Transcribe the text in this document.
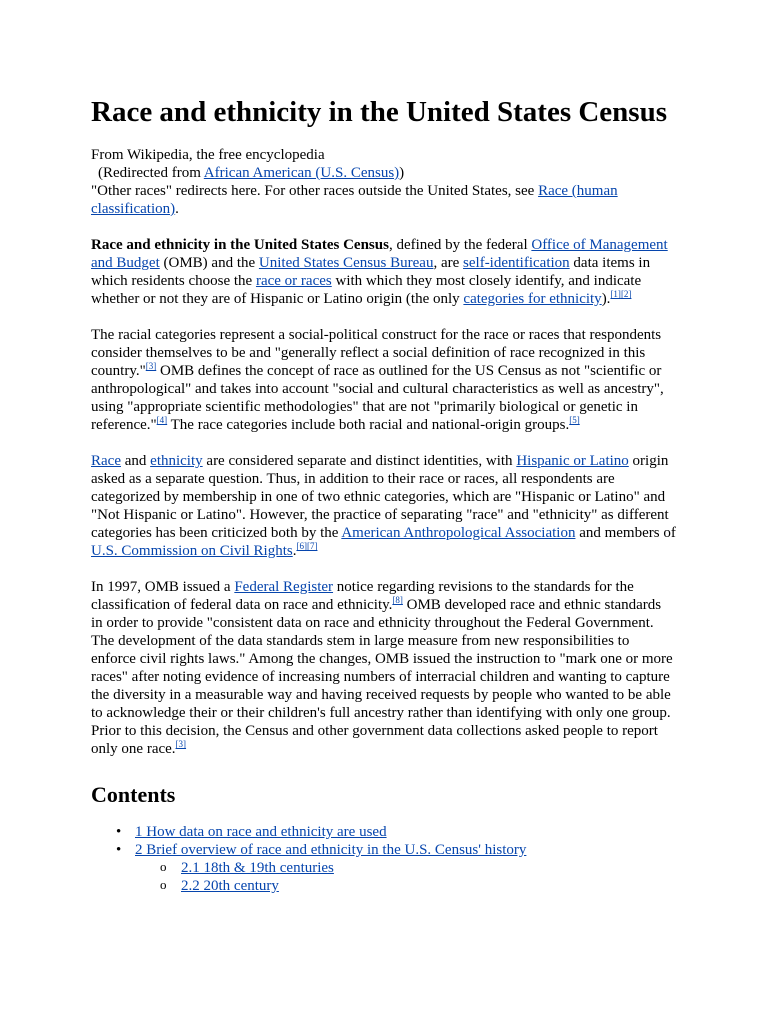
Race and ethnicity in the United States Census
From Wikipedia, the free encyclopedia
(Redirected from African American (U.S. Census))
"Other races" redirects here. For other races outside the United States, see Race (human classification).

Race and ethnicity in the United States Census, defined by the federal Office of Management and Budget (OMB) and the United States Census Bureau, are self-identification data items in which residents choose the race or races with which they most closely identify, and indicate whether or not they are of Hispanic or Latino origin (the only categories for ethnicity).[1][2]

The racial categories represent a social-political construct for the race or races that respondents consider themselves to be and "generally reflect a social definition of race recognized in this country."[3] OMB defines the concept of race as outlined for the US Census as not "scientific or anthropological" and takes into account "social and cultural characteristics as well as ancestry", using "appropriate scientific methodologies" that are not "primarily biological or genetic in reference."[4] The race categories include both racial and national-origin groups.[5]

Race and ethnicity are considered separate and distinct identities, with Hispanic or Latino origin asked as a separate question. Thus, in addition to their race or races, all respondents are categorized by membership in one of two ethnic categories, which are "Hispanic or Latino" and "Not Hispanic or Latino". However, the practice of separating "race" and "ethnicity" as different categories has been criticized both by the American Anthropological Association and members of U.S. Commission on Civil Rights.[6][7]

In 1997, OMB issued a Federal Register notice regarding revisions to the standards for the classification of federal data on race and ethnicity.[8] OMB developed race and ethnic standards in order to provide "consistent data on race and ethnicity throughout the Federal Government. The development of the data standards stem in large measure from new responsibilities to enforce civil rights laws." Among the changes, OMB issued the instruction to "mark one or more races" after noting evidence of increasing numbers of interracial children and wanting to capture the diversity in a measurable way and having received requests by people who wanted to be able to acknowledge their or their children's full ancestry rather than identifying with only one group. Prior to this decision, the Census and other government data collections asked people to report only one race.[3]

Contents
• 1 How data on race and ethnicity are used
• 2 Brief overview of race and ethnicity in the U.S. Census' history
o 2.1 18th & 19th centuries
o 2.2 20th century
